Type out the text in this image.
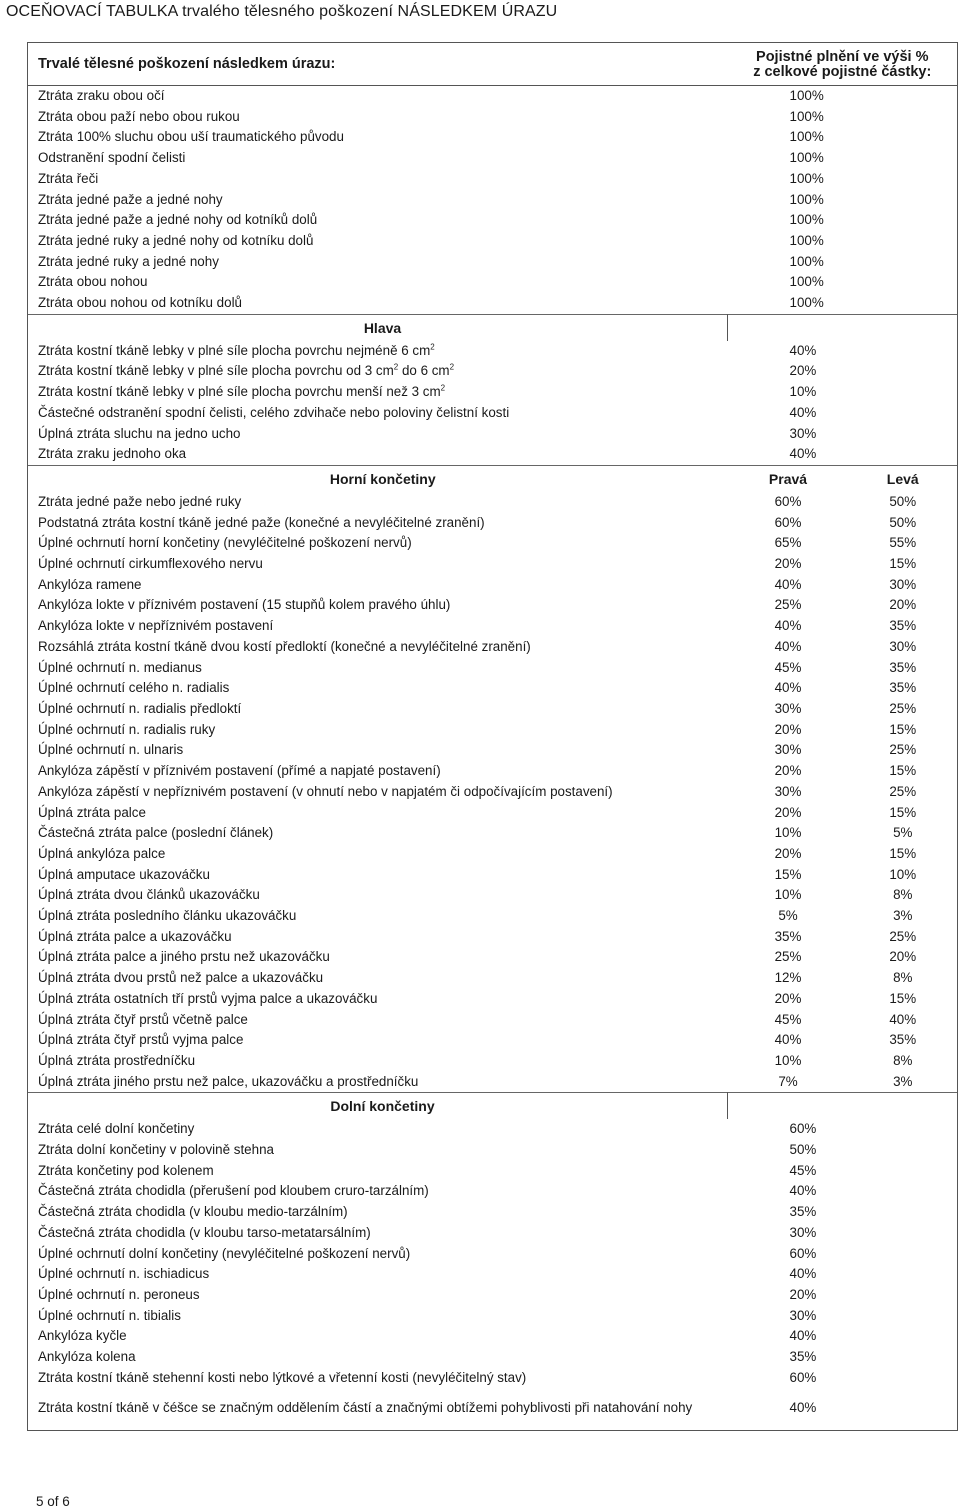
OCEŇOVACÍ TABULKA trvalého tělesného poškození NÁSLEDKEM ÚRAZU
Trvalé tělesné poškození následkem úrazu:	Pojistné plnění ve výši %
z celkové pojistné částky:	

Ztráta zraku obou očí	100%	
Ztráta obou paží nebo obou rukou	100%	
Ztráta 100% sluchu obou uší traumatického původu	100%	
Odstranění spodní čelisti	100%	
Ztráta řeči	100%	
Ztráta jedné paže a jedné nohy	100%	
Ztráta jedné paže a jedné nohy od kotníků dolů	100%	
Ztráta jedné ruky a jedné nohy od kotníku dolů	100%	
Ztráta jedné ruky a jedné nohy	100%	
Ztráta obou nohou	100%	
Ztráta obou nohou od kotníku dolů	100%	
Hlava		
Ztráta kostní tkáně lebky v plné síle plocha povrchu nejméně 6 $cm^2$	40%	
Ztráta kostní tkáně lebky v plné síle plocha povrchu od 3 $cm^2$ do 6 $cm^2$	20%	
Ztráta kostní tkáně lebky v plné síle plocha povrchu menší než 3 $cm^2$	10%	
Částečné odstranění spodní čelisti, celého zdvihače nebo poloviny čelistní kosti	40%	
Úplná ztráta sluchu na jedno ucho	30%	
Ztráta zraku jednoho oka	40%	
Horní končetiny	Pravá	Levá
Ztráta jedné paže nebo jedné ruky	60%	50%
Podstatná ztráta kostní tkáně jedné paže (konečné a nevyléčitelné zranění)	60%	50%
Úplné ochrnutí horní končetiny (nevyléčitelné poškození nervů)	65%	55%
Úplné ochrnutí cirkumflexového nervu	20%	15%
Ankylóza ramene	40%	30%
Ankylóza lokte v příznivém postavení (15 stupňů kolem pravého úhlu)	25%	20%
Ankylóza lokte v nepříznivém postavení	40%	35%
Rozsáhlá ztráta kostní tkáně dvou kostí předloktí (konečné a nevyléčitelné zranění)	40%	30%
Úplné ochrnutí n. medianus	45%	35%
Úplné ochrnutí celého n. radialis	40%	35%
Úplné ochrnutí n. radialis předloktí	30%	25%
Úplné ochrnutí n. radialis ruky	20%	15%
Úplné ochrnutí n. ulnaris	30%	25%
Ankylóza zápěstí v příznivém postavení (přímé a napjaté postavení)	20%	15%
Ankylóza zápěstí v nepříznivém postavení (v ohnutí nebo v napjatém či odpočívajícím postavení)	30%	25%
Úplná ztráta palce	20%	15%
Částečná ztráta palce (poslední článek)	10%	5%
Úplná ankylóza palce	20%	15%
Úplná amputace ukazováčku	15%	10%
Úplná ztráta dvou článků ukazováčku	10%	8%
Úplná ztráta posledního článku ukazováčku	5%	3%
Úplná ztráta palce a ukazováčku	35%	25%
Úplná ztráta palce a jiného prstu než ukazováčku	25%	20%
Úplná ztráta dvou prstů než palce a ukazováčku	12%	8%
Úplná ztráta ostatních tří prstů vyjma palce a ukazováčku	20%	15%
Úplná ztráta čtyř prstů včetně palce	45%	40%
Úplná ztráta čtyř prstů vyjma palce	40%	35%
Úplná ztráta prostředníčku	10%	8%
Úplná ztráta jiného prstu než palce, ukazováčku a prostředníčku	7%	3%
Dolní končetiny		
Ztráta celé dolní končetiny	60%	
Ztráta dolní končetiny v polovině stehna	50%	
Ztráta končetiny pod kolenem	45%	
Částečná ztráta chodidla (přerušení pod kloubem cruro-tarzálním)	40%	
Částečná ztráta chodidla (v kloubu medio-tarzálním)	35%	
Částečná ztráta chodidla (v kloubu tarso-metatarsálním)	30%	
Úplné ochrnutí dolní končetiny (nevyléčitelné poškození nervů)	60%	
Úplné ochrnutí n. ischiadicus	40%	
Úplné ochrnutí n. peroneus	20%	
Úplné ochrnutí n. tibialis	30%	
Ankylóza kyčle	40%	
Ankylóza kolena	35%	
Ztráta kostní tkáně stehenní kosti nebo lýtkové a vřetenní kosti (nevyléčitelný stav)	60%	
Ztráta kostní tkáně v čéšce se značným oddělením částí a značnými obtížemi pohyblivosti při natahování nohy	40%	

5 of 6
